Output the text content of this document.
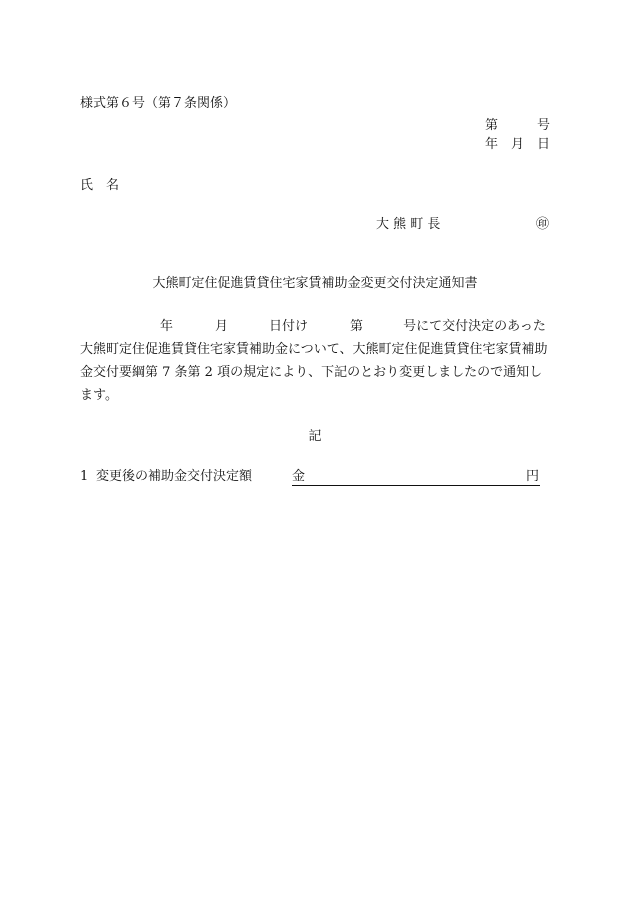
様式第６号（第７条関係）
第　　　号
年　月　日
氏　名
大 熊 町 長	㊞
大熊町定住促進賃貸住宅家賃補助金変更交付決定通知書
年	月	日付け	第	号にて交付決定のあった
大熊町定住促進賃貸住宅家賃補助金について、大熊町定住促進賃貸住宅家賃補助金交付要綱第 7 条第 2 項の規定により、下記のとおり変更しましたので通知します。
記
1 変更後の補助金交付決定額	金	円
